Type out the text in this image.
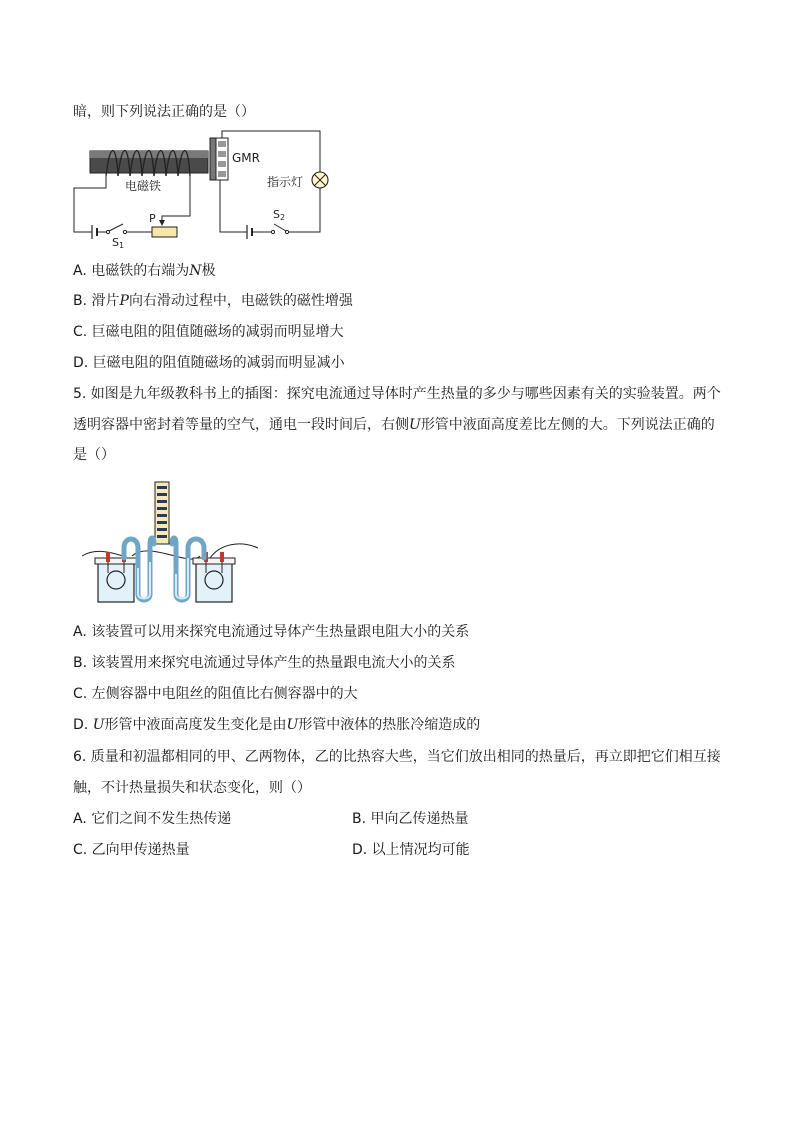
暗，则下列说法正确的是（）
电磁铁
S1
P
GMR
指示灯
S2
A. 电磁铁的右端为N极
B. 滑片P向右滑动过程中，电磁铁的磁性增强
C. 巨磁电阻的阻值随磁场的减弱而明显增大
D. 巨磁电阻的阻值随磁场的减弱而明显减小
5. 如图是九年级教科书上的插图：探究电流通过导体时产生热量的多少与哪些因素有关的实验装置。两个
透明容器中密封着等量的空气，通电一段时间后，右侧U形管中液面高度差比左侧的大。下列说法正确的
是（）
A. 该装置可以用来探究电流通过导体产生热量跟电阻大小的关系
B. 该装置用来探究电流通过导体产生的热量跟电流大小的关系
C. 左侧容器中电阻丝的阻值比右侧容器中的大
D. U形管中液面高度发生变化是由U形管中液体的热胀冷缩造成的
6. 质量和初温都相同的甲、乙两物体，乙的比热容大些，当它们放出相同的热量后，再立即把它们相互接
触，不计热量损失和状态变化，则（）
A. 它们之间不发生热传递	B. 甲向乙传递热量
C. 乙向甲传递热量	D. 以上情况均可能
